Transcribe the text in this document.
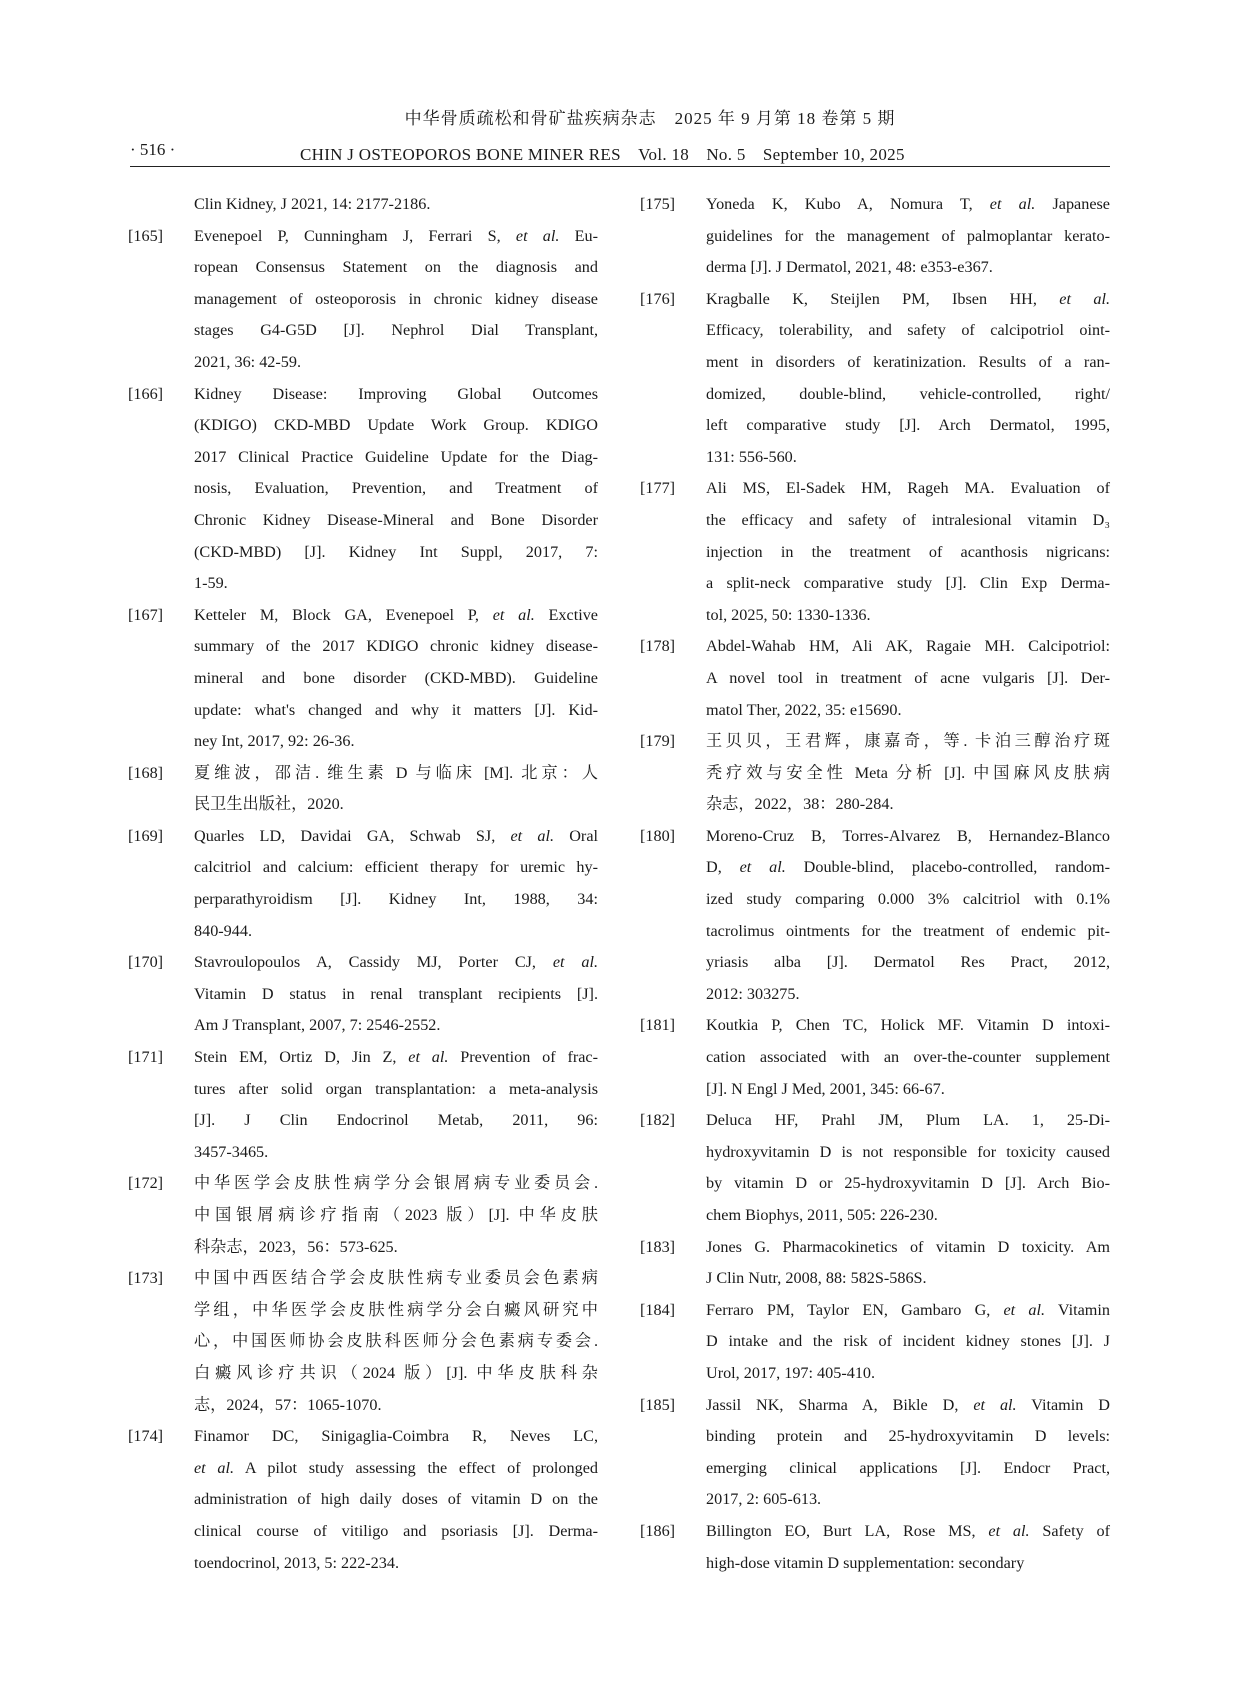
中华骨质疏松和骨矿盐疾病杂志　2025 年 9 月第 18 卷第 5 期
· 516 ·	CHIN J OSTEOPOROS BONE MINER RES　Vol. 18　No. 5　September 10, 2025
Clin Kidney, J 2021, 14: 2177-2186.
[165]	Evenepoel P, Cunningham J, Ferrari S, et al. Eu-
ropean Consensus Statement on the diagnosis and
management of osteoporosis in chronic kidney disease
stages G4-G5D [J]. Nephrol Dial Transplant,
2021, 36: 42-59.
[166]	Kidney Disease: Improving Global Outcomes
(KDIGO) CKD-MBD Update Work Group. KDIGO
2017 Clinical Practice Guideline Update for the Diag-
nosis, Evaluation, Prevention, and Treatment of
Chronic Kidney Disease-Mineral and Bone Disorder
(CKD-MBD) [J]. Kidney Int Suppl, 2017, 7:
1-59.
[167]	Ketteler M, Block GA, Evenepoel P, et al. Exctive
summary of the 2017 KDIGO chronic kidney disease-
mineral and bone disorder (CKD-MBD). Guideline
update: what's changed and why it matters [J]. Kid-
ney Int, 2017, 92: 26-36.
[168]	夏维波，邵洁. 维生素 D 与临床 [M]. 北京：人
民卫生出版社，2020.
[169]	Quarles LD, Davidai GA, Schwab SJ, et al. Oral
calcitriol and calcium: efficient therapy for uremic hy-
perparathyroidism [J]. Kidney Int, 1988, 34:
840-944.
[170]	Stavroulopoulos A, Cassidy MJ, Porter CJ, et al.
Vitamin D status in renal transplant recipients [J].
Am J Transplant, 2007, 7: 2546-2552.
[171]	Stein EM, Ortiz D, Jin Z, et al. Prevention of frac-
tures after solid organ transplantation: a meta-analysis
[J]. J Clin Endocrinol Metab, 2011, 96:
3457-3465.
[172]	中华医学会皮肤性病学分会银屑病专业委员会.
中国银屑病诊疗指南（2023 版）[J]. 中华皮肤
科杂志，2023，56：573-625.
[173]	中国中西医结合学会皮肤性病专业委员会色素病
学组，中华医学会皮肤性病学分会白癜风研究中
心，中国医师协会皮肤科医师分会色素病专委会.
白癜风诊疗共识（2024 版）[J]. 中华皮肤科杂
志，2024，57：1065-1070.
[174]	Finamor DC, Sinigaglia-Coimbra R, Neves LC,
et al. A pilot study assessing the effect of prolonged
administration of high daily doses of vitamin D on the
clinical course of vitiligo and psoriasis [J]. Derma-
toendocrinol, 2013, 5: 222-234.
[175]	Yoneda K, Kubo A, Nomura T, et al. Japanese
guidelines for the management of palmoplantar kerato-
derma [J]. J Dermatol, 2021, 48: e353-e367.
[176]	Kragballe K, Steijlen PM, Ibsen HH, et al.
Efficacy, tolerability, and safety of calcipotriol oint-
ment in disorders of keratinization. Results of a ran-
domized, double-blind, vehicle-controlled, right/
left comparative study [J]. Arch Dermatol, 1995,
131: 556-560.
[177]	Ali MS, El-Sadek HM, Rageh MA. Evaluation of
the efficacy and safety of intralesional vitamin D₃
injection in the treatment of acanthosis nigricans:
a split-neck comparative study [J]. Clin Exp Derma-
tol, 2025, 50: 1330-1336.
[178]	Abdel-Wahab HM, Ali AK, Ragaie MH. Calcipotriol:
A novel tool in treatment of acne vulgaris [J]. Der-
matol Ther, 2022, 35: e15690.
[179]	王贝贝，王君辉，康嘉奇，等. 卡泊三醇治疗斑
秃疗效与安全性 Meta 分析 [J]. 中国麻风皮肤病
杂志，2022，38：280-284.
[180]	Moreno-Cruz B, Torres-Alvarez B, Hernandez-Blanco
D, et al. Double-blind, placebo-controlled, random-
ized study comparing 0.000 3% calcitriol with 0.1%
tacrolimus ointments for the treatment of endemic pit-
yriasis alba [J]. Dermatol Res Pract, 2012,
2012: 303275.
[181]	Koutkia P, Chen TC, Holick MF. Vitamin D intoxi-
cation associated with an over-the-counter supplement
[J]. N Engl J Med, 2001, 345: 66-67.
[182]	Deluca HF, Prahl JM, Plum LA. 1, 25-Di-
hydroxyvitamin D is not responsible for toxicity caused
by vitamin D or 25-hydroxyvitamin D [J]. Arch Bio-
chem Biophys, 2011, 505: 226-230.
[183]	Jones G. Pharmacokinetics of vitamin D toxicity. Am
J Clin Nutr, 2008, 88: 582S-586S.
[184]	Ferraro PM, Taylor EN, Gambaro G, et al. Vitamin
D intake and the risk of incident kidney stones [J]. J
Urol, 2017, 197: 405-410.
[185]	Jassil NK, Sharma A, Bikle D, et al. Vitamin D
binding protein and 25-hydroxyvitamin D levels:
emerging clinical applications [J]. Endocr Pract,
2017, 2: 605-613.
[186]	Billington EO, Burt LA, Rose MS, et al. Safety of
high-dose vitamin D supplementation: secondary
